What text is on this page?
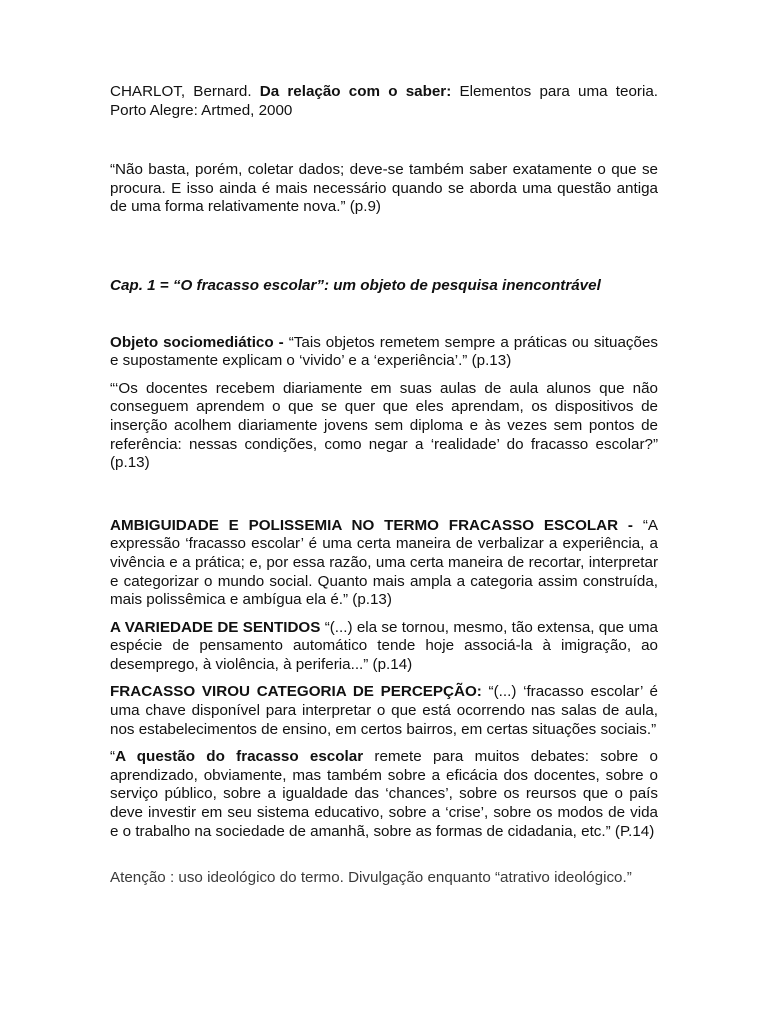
CHARLOT, Bernard. Da relação com o saber: Elementos para uma teoria. Porto Alegre: Artmed, 2000

“Não basta, porém, coletar dados; deve-se também saber exatamente o que se procura. E isso ainda é mais necessário quando se aborda uma questão antiga de uma forma relativamente nova.” (p.9)

Cap. 1 = “O fracasso escolar”: um objeto de pesquisa inencontrável

Objeto sociomediático - “Tais objetos remetem sempre a práticas ou situações e supostamente explicam o ‘vivido’ e a ‘experiência’.” (p.13)

“‘Os docentes recebem diariamente em suas aulas de aula alunos que não conseguem aprendem o que se quer que eles aprendam, os dispositivos de inserção acolhem diariamente jovens sem diploma e às vezes sem pontos de referência: nessas condições, como negar a ‘realidade’ do fracasso escolar?” (p.13)

AMBIGUIDADE E POLISSEMIA NO TERMO FRACASSO ESCOLAR - “A expressão ‘fracasso escolar’ é uma certa maneira de verbalizar a experiência, a vivência e a prática; e, por essa razão, uma certa maneira de recortar, interpretar e categorizar o mundo social. Quanto mais ampla a categoria assim construída, mais polissêmica e ambígua ela é.” (p.13)

A VARIEDADE DE SENTIDOS “(...) ela se tornou, mesmo, tão extensa, que uma espécie de pensamento automático tende hoje associá-la à imigração, ao desemprego, à violência, à periferia...” (p.14)

FRACASSO VIROU CATEGORIA DE PERCEPÇÃO: “(...) ‘fracasso escolar’ é uma chave disponível para interpretar o que está ocorrendo nas salas de aula, nos estabelecimentos de ensino, em certos bairros, em certas situações sociais.”

“A questão do fracasso escolar remete para muitos debates: sobre o aprendizado, obviamente, mas também sobre a eficácia dos docentes, sobre o serviço público, sobre a igualdade das ‘chances’, sobre os reursos que o país deve investir em seu sistema educativo, sobre a ‘crise’, sobre os modos de vida e o trabalho na sociedade de amanhã, sobre as formas de cidadania, etc.” (P.14)

Atenção : uso ideológico do termo. Divulgação enquanto “atrativo ideológico.”
